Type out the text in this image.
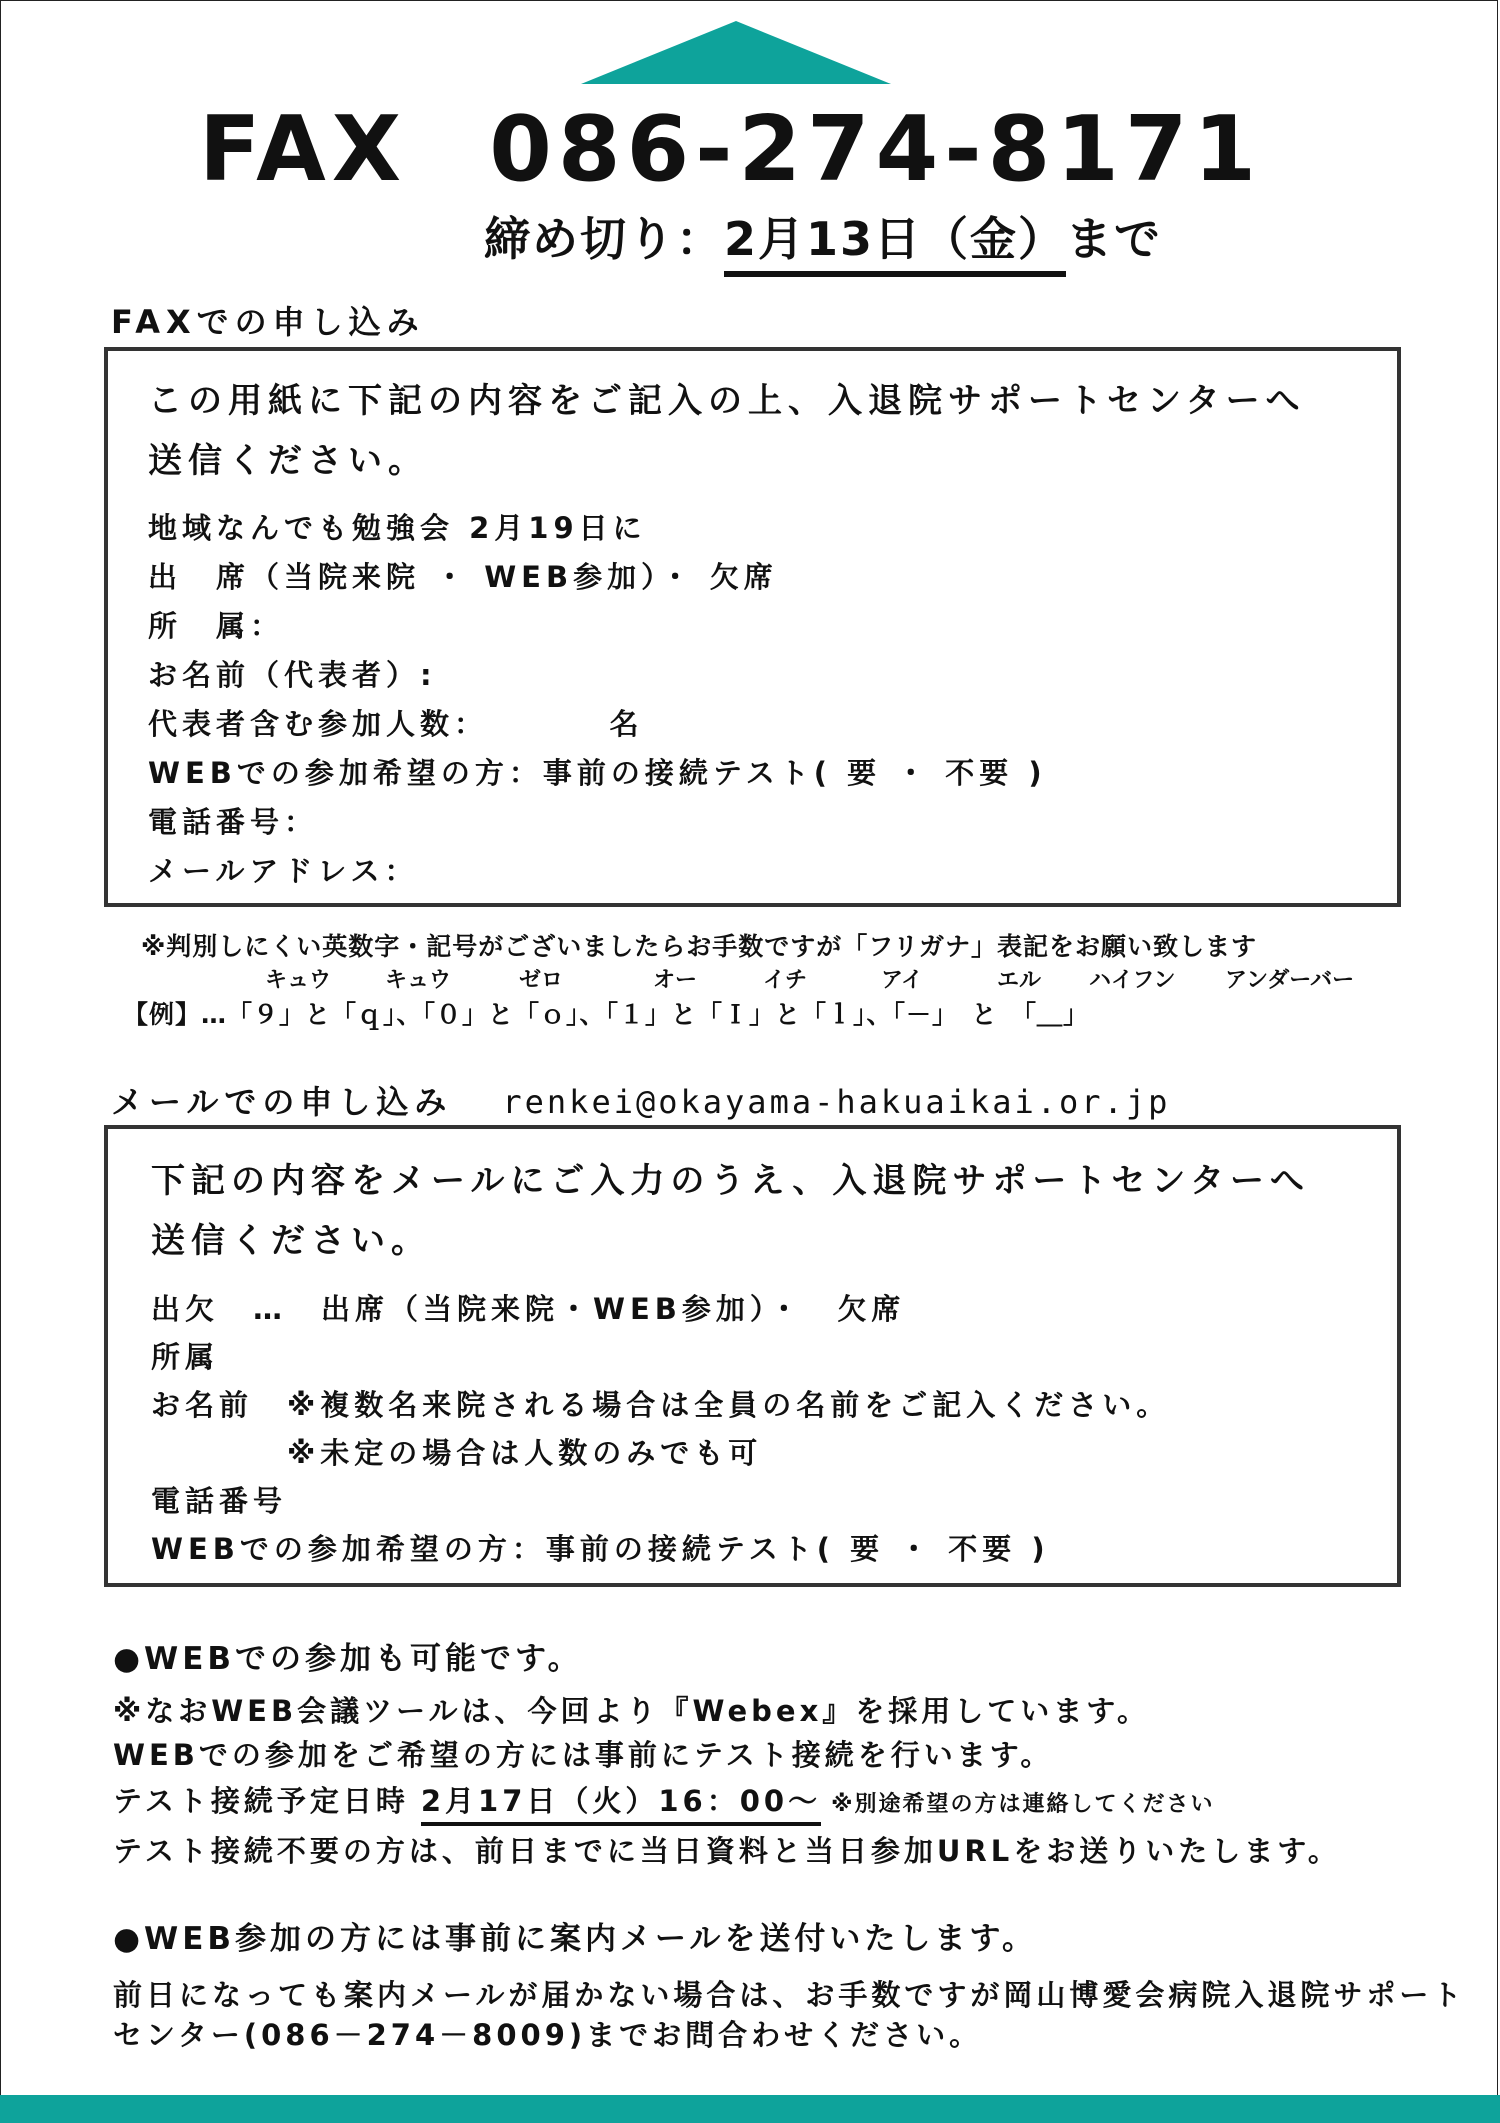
FAX 086-274-8171
締め切り：2月13日（金）まで
FAXでの申し込み
この用紙に下記の内容をご記入の上、入退院サポートセンターへ
送信ください。
地域なんでも勉強会 2月19日に
出　席（当院来院 ・ WEB参加）・ 欠席
所　属：
お名前（代表者）:
代表者含む参加人数：　　　　名
WEBでの参加希望の方：事前の接続テスト( 要 ・ 不要 )
電話番号：
メールアドレス：
※判別しにくい英数字・記号がございましたらお手数ですが「フリガナ」表記をお願い致します
キュウ キュウ	ゼロ	オー	イチ	アイ	エル ハイフン アンダーバー
【例】…「９」と「ｑ」、「０」と「ｏ」、「１」と「Ｉ」と「ｌ」、「－」　と　「＿」
メールでの申し込み renkei@okayama-hakuaikai.or.jp
下記の内容をメールにご入力のうえ、入退院サポートセンターへ
送信ください。
出欠　…　出席（当院来院・WEB参加）・　欠席
所属
お名前　※複数名来院される場合は全員の名前をご記入ください。
　　　　※未定の場合は人数のみでも可
電話番号
WEBでの参加希望の方：事前の接続テスト( 要 ・ 不要 )
●WEBでの参加も可能です。
※なおWEB会議ツールは、今回より『Webex』を採用しています。
WEBでの参加をご希望の方には事前にテスト接続を行います。
テスト接続予定日時 2月17日（火）16：00～ ※別途希望の方は連絡してください
テスト接続不要の方は、前日までに当日資料と当日参加URLをお送りいたします。
●WEB参加の方には事前に案内メールを送付いたします。
前日になっても案内メールが届かない場合は、お手数ですが岡山博愛会病院入退院サポート
センター(086－274－8009)までお問合わせください。
